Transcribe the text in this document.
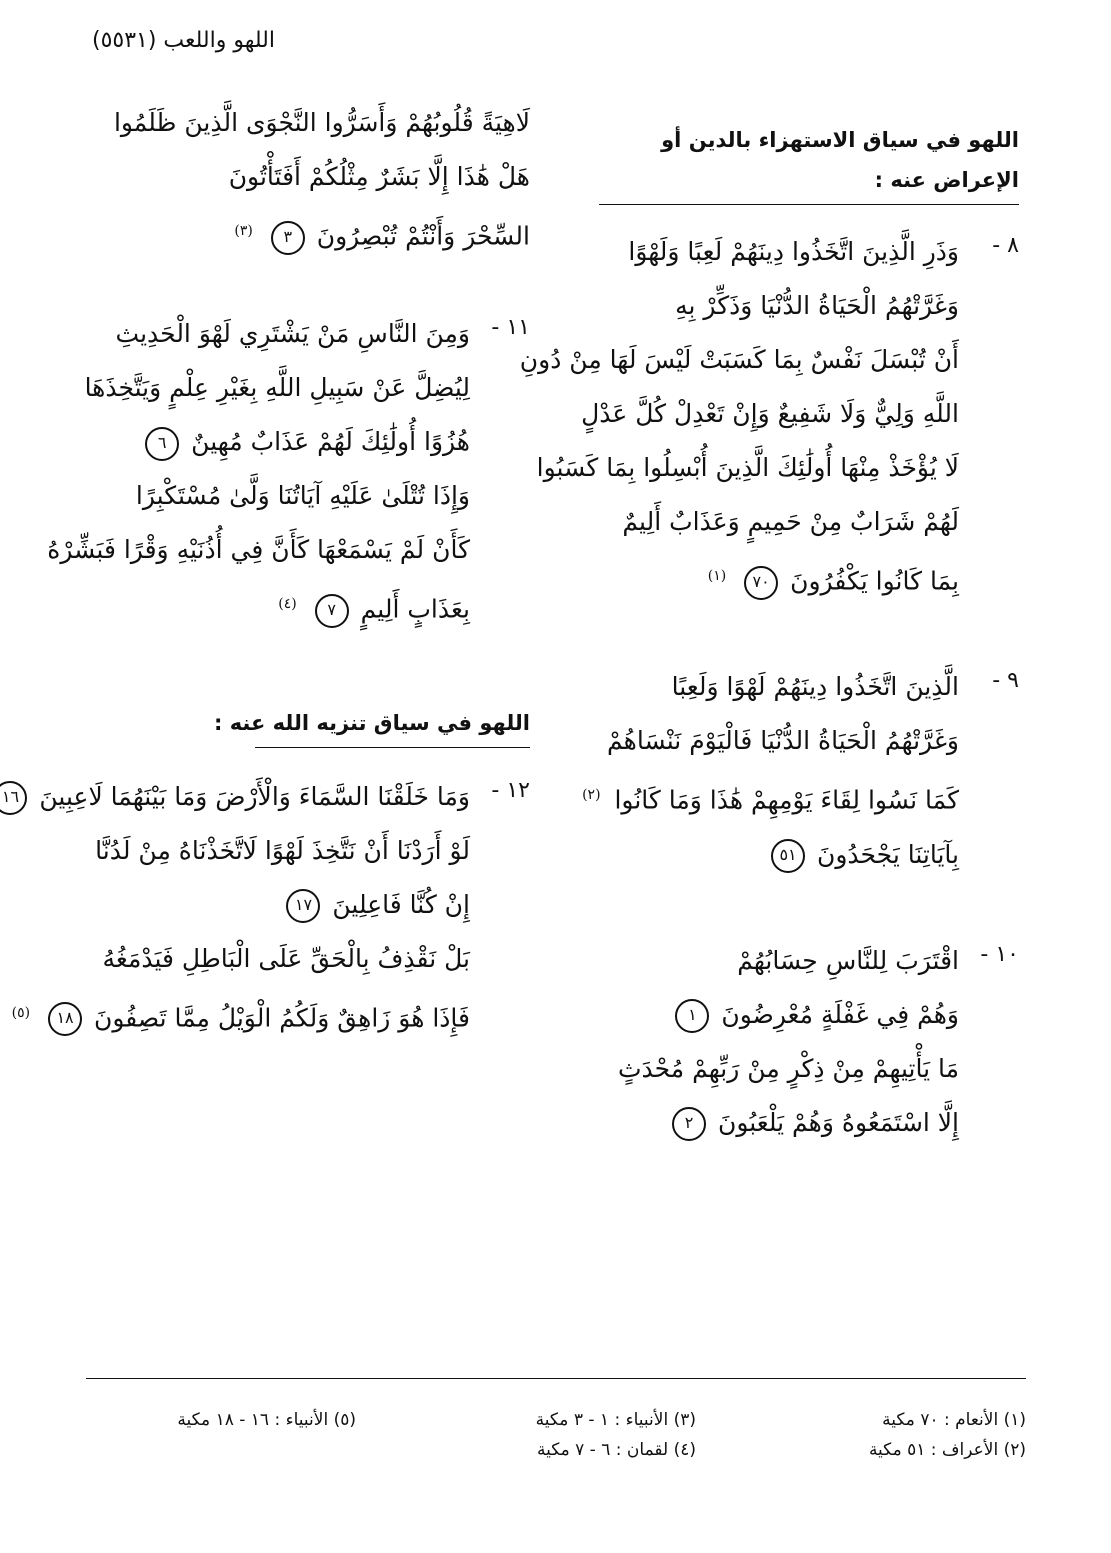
اللهو واللعب (٥٥٣١)
اللهو في سياق الاستهزاء بالدين أو الإعراض عنه :
٨ -
وَذَرِ الَّذِينَ اتَّخَذُوا دِينَهُمْ لَعِبًا وَلَهْوًا
وَغَرَّتْهُمُ الْحَيَاةُ الدُّنْيَا وَذَكِّرْ بِهِ
أَنْ تُبْسَلَ نَفْسٌ بِمَا كَسَبَتْ لَيْسَ لَهَا مِنْ دُونِ
اللَّهِ وَلِيٌّ وَلَا شَفِيعٌ وَإِنْ تَعْدِلْ كُلَّ عَدْلٍ
لَا يُؤْخَذْ مِنْهَا أُولَٰئِكَ الَّذِينَ أُبْسِلُوا بِمَا كَسَبُوا
لَهُمْ شَرَابٌ مِنْ حَمِيمٍ وَعَذَابٌ أَلِيمٌ
بِمَا كَانُوا يَكْفُرُونَ ٧٠ $^{(١)}$
٩ -
الَّذِينَ اتَّخَذُوا دِينَهُمْ لَهْوًا وَلَعِبًا
وَغَرَّتْهُمُ الْحَيَاةُ الدُّنْيَا فَالْيَوْمَ نَنْسَاهُمْ
كَمَا نَسُوا لِقَاءَ يَوْمِهِمْ هَٰذَا وَمَا كَانُوا $^{(٢)}$
بِآيَاتِنَا يَجْحَدُونَ ٥١
١٠ -
اقْتَرَبَ لِلنَّاسِ حِسَابُهُمْ
وَهُمْ فِي غَفْلَةٍ مُعْرِضُونَ ١
مَا يَأْتِيهِمْ مِنْ ذِكْرٍ مِنْ رَبِّهِمْ مُحْدَثٍ
إِلَّا اسْتَمَعُوهُ وَهُمْ يَلْعَبُونَ ٢
لَاهِيَةً قُلُوبُهُمْ وَأَسَرُّوا النَّجْوَى الَّذِينَ ظَلَمُوا
هَلْ هَٰذَا إِلَّا بَشَرٌ مِثْلُكُمْ أَفَتَأْتُونَ
السِّحْرَ وَأَنْتُمْ تُبْصِرُونَ ٣ $^{(٣)}$
١١ -
وَمِنَ النَّاسِ مَنْ يَشْتَرِي لَهْوَ الْحَدِيثِ
لِيُضِلَّ عَنْ سَبِيلِ اللَّهِ بِغَيْرِ عِلْمٍ وَيَتَّخِذَهَا
هُزُوًا أُولَٰئِكَ لَهُمْ عَذَابٌ مُهِينٌ ٦
وَإِذَا تُتْلَىٰ عَلَيْهِ آيَاتُنَا وَلَّىٰ مُسْتَكْبِرًا
كَأَنْ لَمْ يَسْمَعْهَا كَأَنَّ فِي أُذُنَيْهِ وَقْرًا فَبَشِّرْهُ
بِعَذَابٍ أَلِيمٍ ٧ $^{(٤)}$
اللهو في سياق تنزيه الله عنه :
١٢ -
وَمَا خَلَقْنَا السَّمَاءَ وَالْأَرْضَ وَمَا بَيْنَهُمَا لَاعِبِينَ ١٦
لَوْ أَرَدْنَا أَنْ نَتَّخِذَ لَهْوًا لَاتَّخَذْنَاهُ مِنْ لَدُنَّا
إِنْ كُنَّا فَاعِلِينَ ١٧
بَلْ نَقْذِفُ بِالْحَقِّ عَلَى الْبَاطِلِ فَيَدْمَغُهُ
فَإِذَا هُوَ زَاهِقٌ وَلَكُمُ الْوَيْلُ مِمَّا تَصِفُونَ ١٨ $^{(٥)}$
(١) الأنعام : ٧٠ مكية
(٢) الأعراف : ٥١ مكية
(٣) الأنبياء : ١ - ٣ مكية
(٤) لقمان : ٦ - ٧ مكية
(٥) الأنبياء : ١٦ - ١٨ مكية
